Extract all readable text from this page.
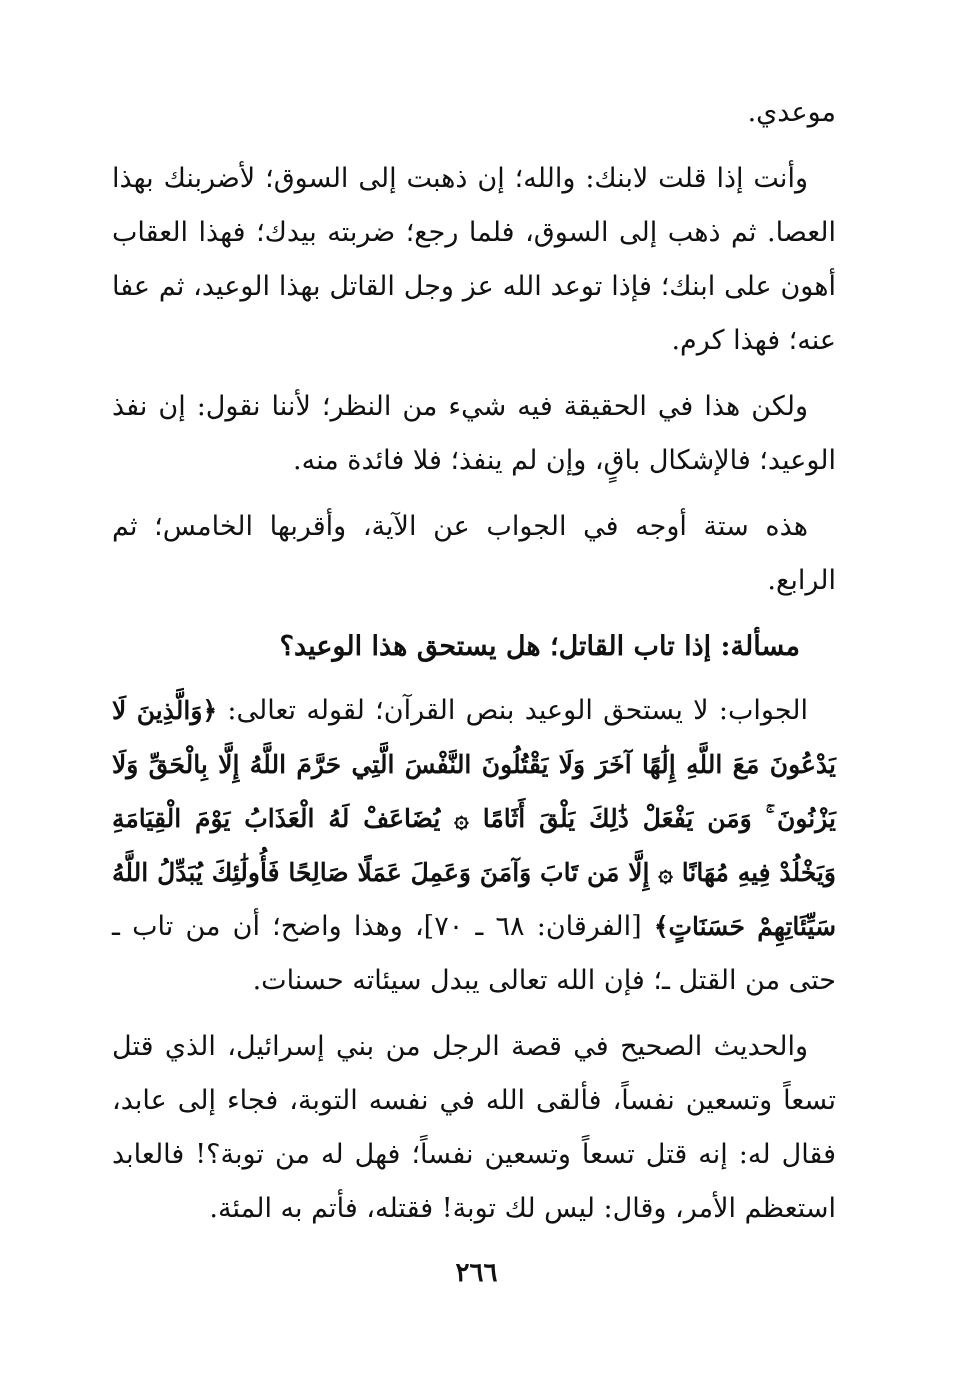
موعدي.

وأنت إذا قلت لابنك: والله؛ إن ذهبت إلى السوق؛ لأضربنك بهذا العصا. ثم ذهب إلى السوق، فلما رجع؛ ضربته بيدك؛ فهذا العقاب أهون على ابنك؛ فإذا توعد الله عز وجل القاتل بهذا الوعيد، ثم عفا عنه؛ فهذا كرم.

ولكن هذا في الحقيقة فيه شيء من النظر؛ لأننا نقول: إن نفذ الوعيد؛ فالإشكال باقٍ، وإن لم ينفذ؛ فلا فائدة منه.

هذه ستة أوجه في الجواب عن الآية، وأقربها الخامس؛ ثم الرابع.

مسألة: إذا تاب القاتل؛ هل يستحق هذا الوعيد؟

الجواب: لا يستحق الوعيد بنص القرآن؛ لقوله تعالى: ﴿وَالَّذِينَ لَا يَدْعُونَ مَعَ اللَّهِ إِلَٰهًا آخَرَ وَلَا يَقْتُلُونَ النَّفْسَ الَّتِي حَرَّمَ اللَّهُ إِلَّا بِالْحَقِّ وَلَا يَزْنُونَ ۚ وَمَن يَفْعَلْ ذَٰلِكَ يَلْقَ أَثَامًا ۞ يُضَاعَفْ لَهُ الْعَذَابُ يَوْمَ الْقِيَامَةِ وَيَخْلُدْ فِيهِ مُهَانًا ۞ إِلَّا مَن تَابَ وَآمَنَ وَعَمِلَ عَمَلًا صَالِحًا فَأُولَٰئِكَ يُبَدِّلُ اللَّهُ سَيِّئَاتِهِمْ حَسَنَاتٍ﴾ [الفرقان: ٦٨ ـ ٧٠]، وهذا واضح؛ أن من تاب ـ حتى من القتل ـ؛ فإن الله تعالى يبدل سيئاته حسنات.

والحديث الصحيح في قصة الرجل من بني إسرائيل، الذي قتل تسعاً وتسعين نفساً، فألقى الله في نفسه التوبة، فجاء إلى عابد، فقال له: إنه قتل تسعاً وتسعين نفساً؛ فهل له من توبة؟! فالعابد استعظم الأمر، وقال: ليس لك توبة! فقتله، فأتم به المئة.

٢٦٦
